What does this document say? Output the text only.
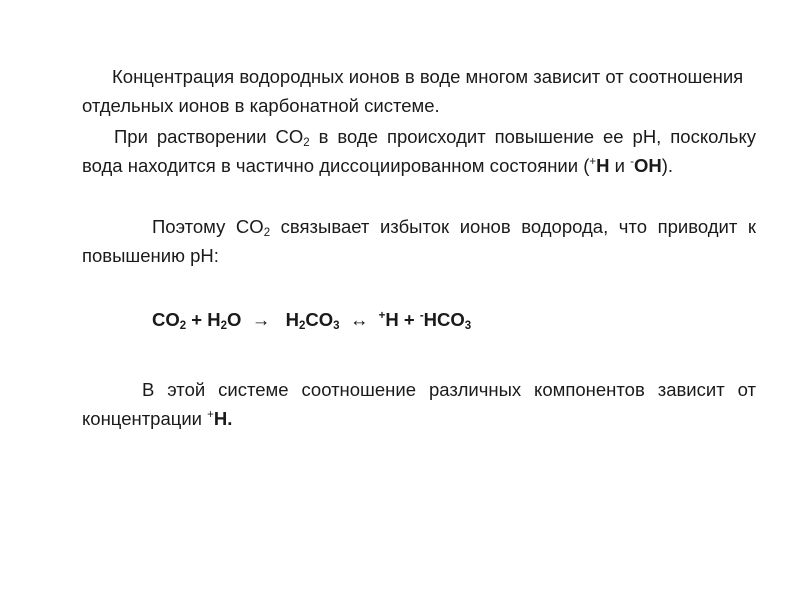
Концентрация водородных ионов в воде многом зависит от соотношения отдельных ионов в карбонатной системе.

При растворении $CO_2$ в воде происходит повышение ее pH, поскольку вода находится в частично диссоциированном состоянии (+H и -OH).

Поэтому $CO_2$ связывает избыток ионов водорода, что приводит к повышению pH:

$CO_2 + H_2O \to H_2CO_3$  ↔  $^+H + ^-HCO_3$

В этой системе соотношение различных компонентов зависит от концентрации +H.
